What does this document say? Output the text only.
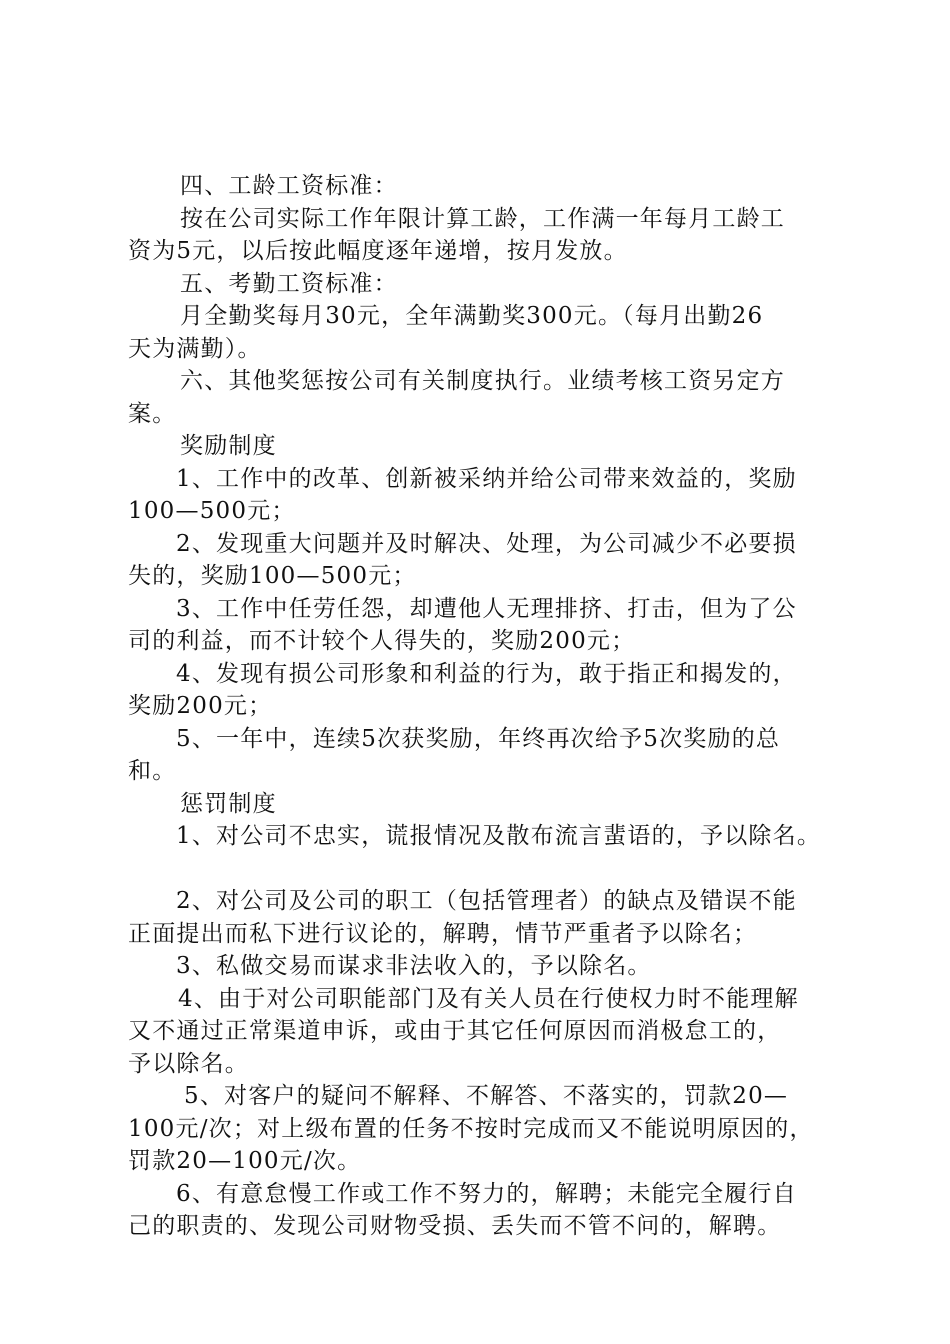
四、工龄工资标准：
按在公司实际工作年限计算工龄，工作满一年每月工龄工
资为5元，以后按此幅度逐年递增，按月发放。
五、考勤工资标准：
月全勤奖每月30元，全年满勤奖300元。（每月出勤26
天为满勤）。
六、其他奖惩按公司有关制度执行。业绩考核工资另定方
案。
奖励制度
1、工作中的改革、创新被采纳并给公司带来效益的，奖励
100—500元；
2、发现重大问题并及时解决、处理，为公司减少不必要损
失的，奖励100—500元；
3、工作中任劳任怨，却遭他人无理排挤、打击，但为了公
司的利益，而不计较个人得失的，奖励200元；
4、发现有损公司形象和利益的行为，敢于指正和揭发的，
奖励200元；
5、一年中，连续5次获奖励，年终再次给予5次奖励的总
和。
惩罚制度
1、对公司不忠实，谎报情况及散布流言蜚语的，予以除名。
2、对公司及公司的职工（包括管理者）的缺点及错误不能
正面提出而私下进行议论的，解聘，情节严重者予以除名；
3、私做交易而谋求非法收入的，予以除名。
4、由于对公司职能部门及有关人员在行使权力时不能理解
又不通过正常渠道申诉，或由于其它任何原因而消极怠工的，
予以除名。
5、对客户的疑问不解释、不解答、不落实的，罚款20—
100元/次；对上级布置的任务不按时完成而又不能说明原因的，
罚款20—100元/次。
6、有意怠慢工作或工作不努力的，解聘；未能完全履行自
己的职责的、发现公司财物受损、丢失而不管不问的，解聘。
